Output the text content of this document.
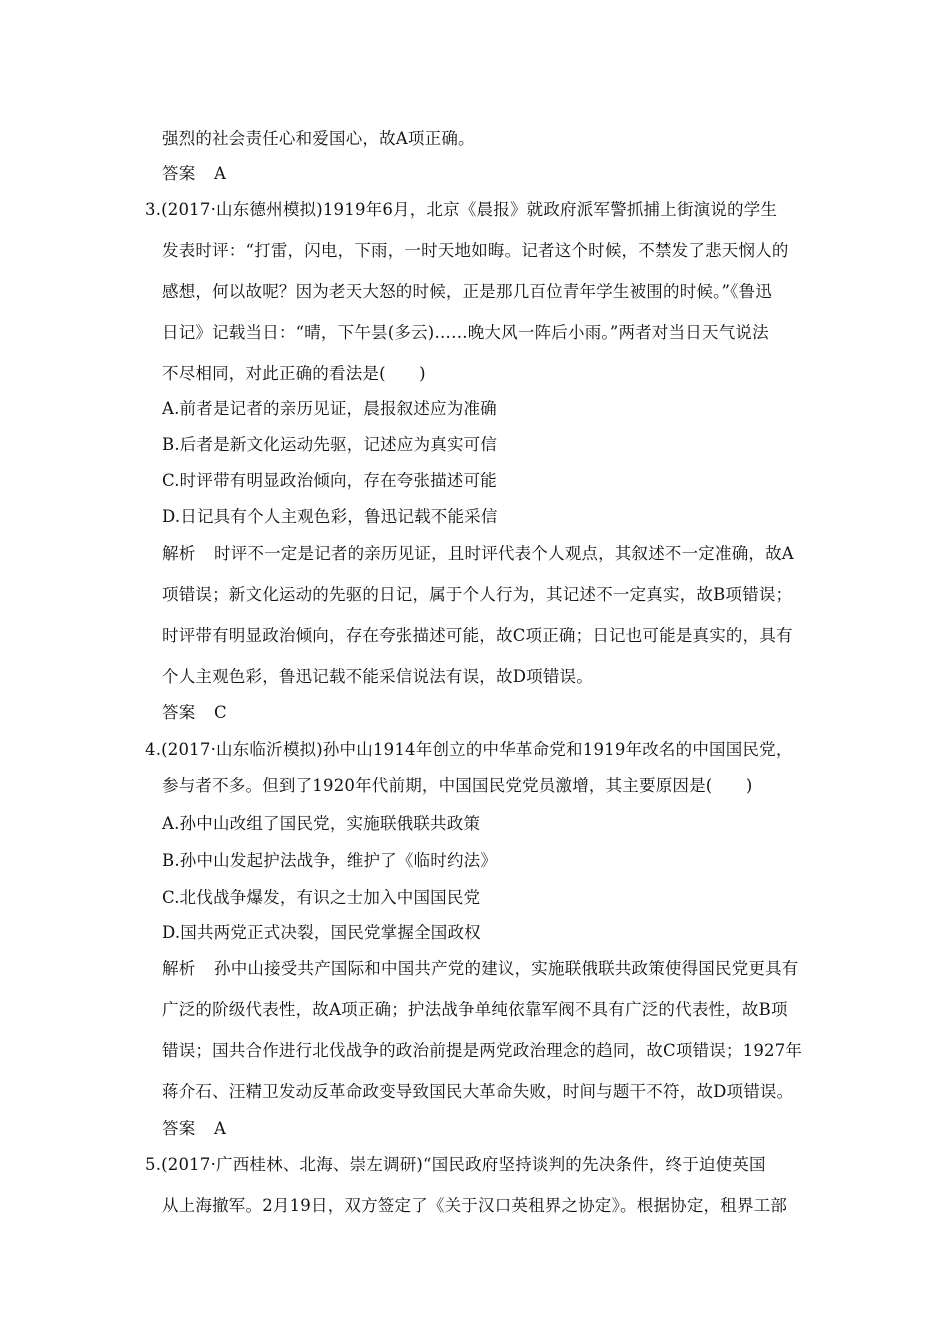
强烈的社会责任心和爱国心，故A项正确。
答案 A
3.(2017·山东德州模拟)1919年6月，北京《晨报》就政府派军警抓捕上街演说的学生
发表时评：“打雷，闪电，下雨，一时天地如晦。记者这个时候，不禁发了悲天悯人的
感想，何以故呢？因为老天大怒的时候，正是那几百位青年学生被围的时候。”《鲁迅
日记》记载当日：“晴，下午昙(多云)……晚大风一阵后小雨。”两者对当日天气说法
不尽相同，对此正确的看法是(　　)
A.前者是记者的亲历见证，晨报叙述应为准确
B.后者是新文化运动先驱，记述应为真实可信
C.时评带有明显政治倾向，存在夸张描述可能
D.日记具有个人主观色彩，鲁迅记载不能采信
解析 时评不一定是记者的亲历见证，且时评代表个人观点，其叙述不一定准确，故A
项错误；新文化运动的先驱的日记，属于个人行为，其记述不一定真实，故B项错误；
时评带有明显政治倾向，存在夸张描述可能，故C项正确；日记也可能是真实的，具有
个人主观色彩，鲁迅记载不能采信说法有误，故D项错误。
答案 C
4.(2017·山东临沂模拟)孙中山1914年创立的中华革命党和1919年改名的中国国民党，
参与者不多。但到了1920年代前期，中国国民党党员激增，其主要原因是(　　)
A.孙中山改组了国民党，实施联俄联共政策
B.孙中山发起护法战争，维护了《临时约法》
C.北伐战争爆发，有识之士加入中国国民党
D.国共两党正式决裂，国民党掌握全国政权
解析 孙中山接受共产国际和中国共产党的建议，实施联俄联共政策使得国民党更具有
广泛的阶级代表性，故A项正确；护法战争单纯依靠军阀不具有广泛的代表性，故B项
错误；国共合作进行北伐战争的政治前提是两党政治理念的趋同，故C项错误；1927年
蒋介石、汪精卫发动反革命政变导致国民大革命失败，时间与题干不符，故D项错误。
答案 A
5.(2017·广西桂林、北海、崇左调研)“国民政府坚持谈判的先决条件，终于迫使英国
从上海撤军。2月19日，双方签定了《关于汉口英租界之协定》。根据协定，租界工部
